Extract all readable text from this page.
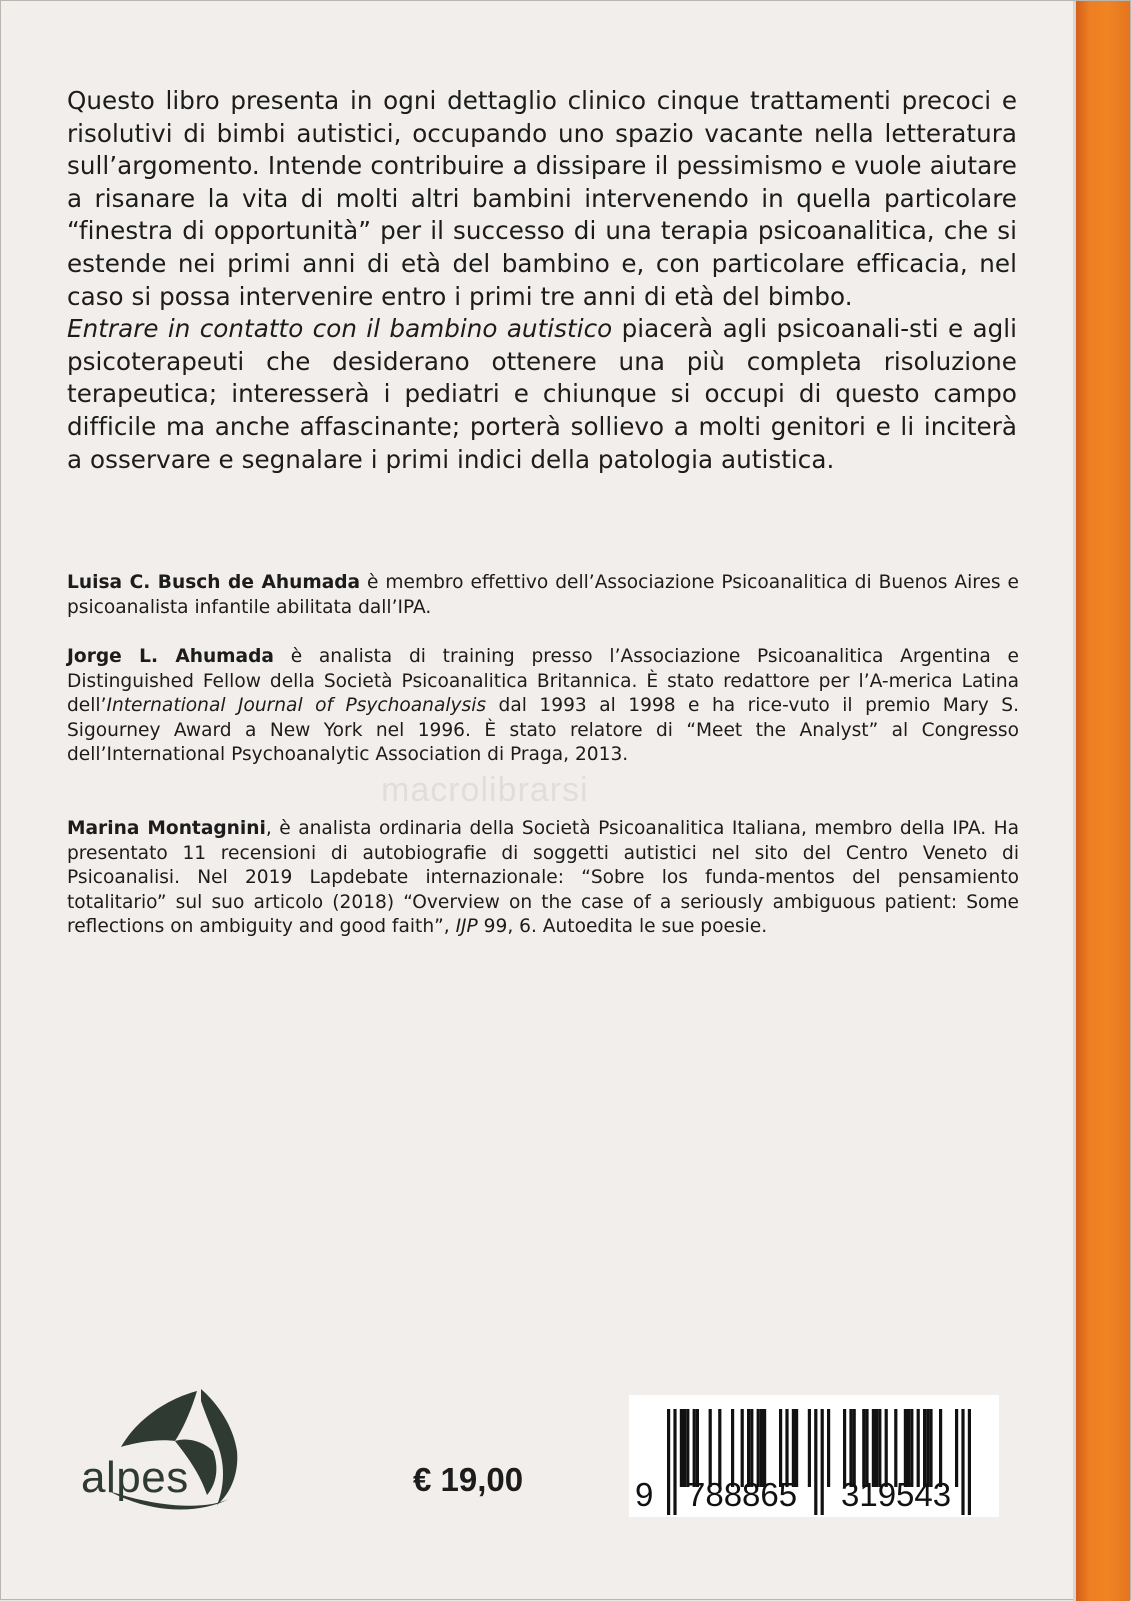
Questo libro presenta in ogni dettaglio clinico cinque trattamenti precoci e risolutivi di bimbi autistici, occupando uno spazio vacante nella letteratura sull’argomento. Intende contribuire a dissipare il pessimismo e vuole aiutare a risanare la vita di molti altri bambini intervenendo in quella particolare “finestra di opportunità” per il successo di una terapia psicoanalitica, che si estende nei primi anni di età del bambino e, con particolare efficacia, nel caso si possa intervenire entro i primi tre anni di età del bimbo.

Entrare in contatto con il bambino autistico piacerà agli psicoanali-sti e agli psicoterapeuti che desiderano ottenere una più completa risoluzione terapeutica; interesserà i pediatri e chiunque si occupi di questo campo difficile ma anche affascinante; porterà sollievo a molti genitori e li inciterà a osservare e segnalare i primi indici della patologia autistica.

Luisa C. Busch de Ahumada è membro effettivo dell’Associazione Psicoanalitica di Buenos Aires e psicoanalista infantile abilitata dall’IPA.

Jorge L. Ahumada è analista di training presso l’Associazione Psicoanalitica Argentina e Distinguished Fellow della Società Psicoanalitica Britannica. È stato redattore per l’A-merica Latina dell’International Journal of Psychoanalysis dal 1993 al 1998 e ha rice-vuto il premio Mary S. Sigourney Award a New York nel 1996. È stato relatore di “Meet the Analyst” al Congresso dell’International Psychoanalytic Association di Praga, 2013.

Marina Montagnini, è analista ordinaria della Società Psicoanalitica Italiana, membro della IPA. Ha presentato 11 recensioni di autobiografie di soggetti autistici nel sito del Centro Veneto di Psicoanalisi. Nel 2019 Lapdebate internazionale: “Sobre los funda-mentos del pensamiento totalitario” sul suo articolo (2018) “Overview on the case of a seriously ambiguous patient: Some reflections on ambiguity and good faith”, IJP 99, 6. Autoedita le sue poesie.

macrolibrarsi
alpes	€ 19,00	9 788865 319543
